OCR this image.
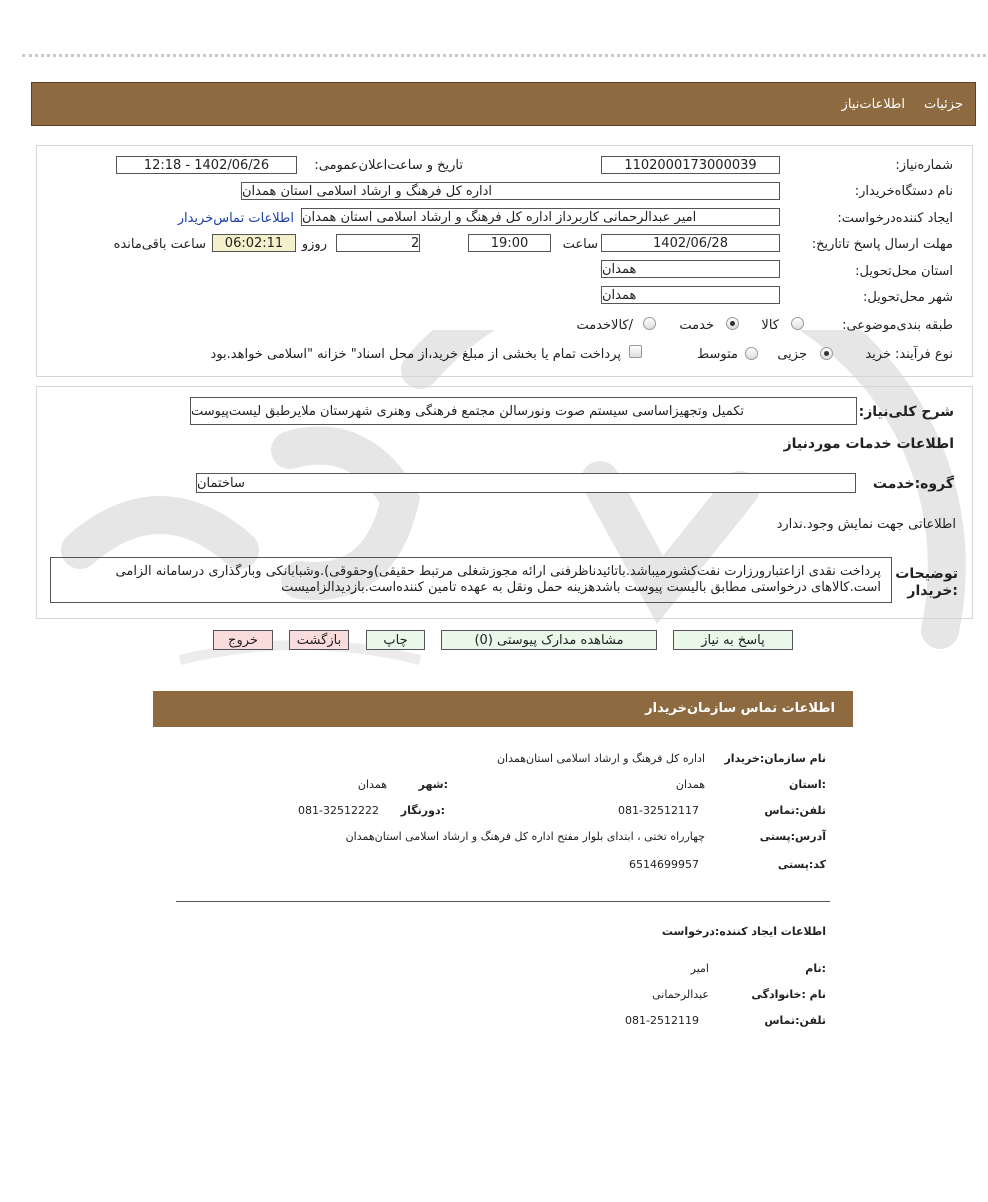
جزئیات
اطلاعات‌نیاز
شماره‌نیاز:
1102000173000039
تاریخ و ساعت‌اعلان‌عمومی:
1402/06/26 - 12:18
نام دستگاه‌خریدار:
اداره کل فرهنگ و ارشاد اسلامی استان همدان
ایجاد کننده‌درخواست:
امیر عبدالرحمانی کاربرداز اداره کل فرهنگ و ارشاد اسلامی استان همدان
اطلاعات تماس‌خریدار
مهلت ارسال ‌پاسخ تا‌تاریخ:
1402/06/28
ساعت
19:00
2
روز‌و
06:02:11
ساعت باقی‌مانده
استان محل‌تحویل:
همدان
شهر محل‌تحویل:
همدان
طبقه بندی‌موضوعی:
کالا
خدمت
/کالاخدمت
نوع فرآیند:
خرید
جزیی
متوسط
پرداخت تمام یا بخشی از مبلغ خرید،از محل اسناد" خزانه "اسلامی خواهد.بود
شرح کلی‌نیاز:
تکمیل وتجهیزاساسی سیستم صوت ونورسالن مجتمع فرهنگی وهنری شهرستان ملایرطبق لیست‌پیوست
اطلاعات خدمات موردنیاز
گروه‌:خدمت
ساختمان
اطلاعاتی جهت نمایش وجود.ندارد
توضیحات
:خریدار
پرداخت نقدی ازاعتبارورزارت نفت‌کشورمیباشد.باتائیدناظرفنی ارائه مجوزشغلی مرتبط حقیقی)وحقوقی).وشبابانکی وبارگذاری درسامانه الزامی
است.کالاهای درخواستی مطابق بالیست پیوست باشدهزینه حمل ونقل به عهده تامین کننده‌است.بازدیدالزامیست
پاسخ به نیاز
مشاهده مدارک پیوستی (0)
چاپ
بازگشت
خروج
اطلاعات تماس سازمان‌خریدار
نام سازمان‌:خریدار
اداره کل فرهنگ و ارشاد اسلامی استان‌همدان
:استان
همدان
:شهر
همدان
تلفن‌:تماس
081-32512117
:دورنگار
081-32512222
آدرس‌:پستی
چهارراه تختی ، ابتدای بلوار مفتح اداره کل فرهنگ و ارشاد اسلامی استان‌همدان
کد‌:پستی
6514699957
اطلاعات ایجاد کننده‌:درخواست
:نام
امیر
نام :خانوادگی
عبدالرحمانی
تلفن‌:تماس
081-2512119
